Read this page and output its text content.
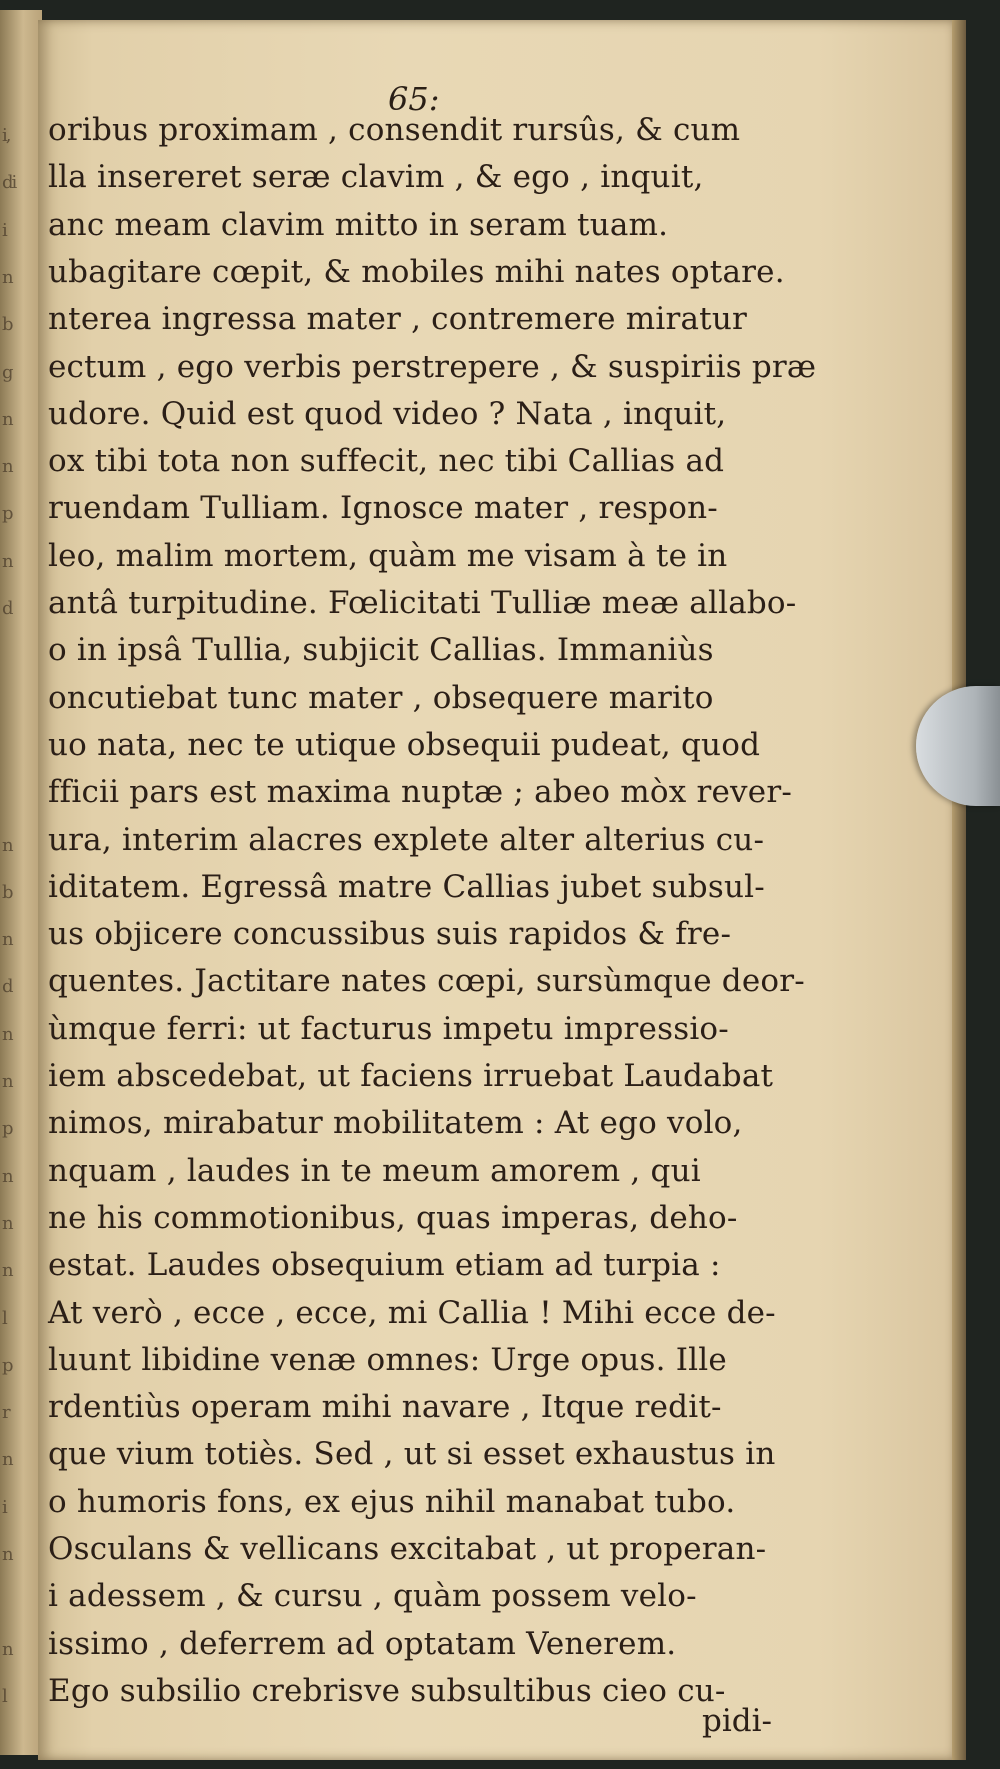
i,
di
i
n
b
g
n
n
p
n
d
n
b
n
d
n
n
p
n
n
n
l
p
r
n
i
n
n
l
65:
oribus proximam , consendit rursûs, & cum
lla insereret seræ clavim , & ego , inquit,
anc meam clavim mitto in seram tuam.
ubagitare cœpit, & mobiles mihi nates optare.
nterea ingressa mater , contremere miratur
ectum , ego verbis perstrepere , & suspiriis præ
udore. Quid est quod video ? Nata , inquit,
ox tibi tota non suffecit, nec tibi Callias ad
ruendam Tulliam. Ignosce mater , respon-
leo, malim mortem, quàm me visam à te in
antâ turpitudine. Fœlicitati Tulliæ meæ allabo-
o in ipsâ Tullia, subjicit Callias. Immaniùs
oncutiebat tunc mater , obsequere marito
uo nata, nec te utique obsequii pudeat, quod
fficii pars est maxima nuptæ ; abeo mòx rever-
ura, interim alacres explete alter alterius cu-
iditatem. Egressâ matre Callias jubet subsul-
us objicere concussibus suis rapidos & fre-
quentes. Jactitare nates cœpi, sursùmque deor-
ùmque ferri: ut facturus impetu impressio-
iem abscedebat, ut faciens irruebat Laudabat
nimos, mirabatur mobilitatem : At ego volo,
nquam , laudes in te meum amorem , qui
ne his commotionibus, quas imperas, deho-
estat. Laudes obsequium etiam ad turpia :
At verò , ecce , ecce, mi Callia ! Mihi ecce de-
luunt libidine venæ omnes: Urge opus. Ille
rdentiùs operam mihi navare , Itque redit-
que vium totiès. Sed , ut si esset exhaustus in
o humoris fons, ex ejus nihil manabat tubo.
Osculans & vellicans excitabat , ut properan-
i adessem , & cursu , quàm possem velo-
issimo , deferrem ad optatam Venerem.
Ego subsilio crebrisve subsultibus cieo cu-
pidi-
